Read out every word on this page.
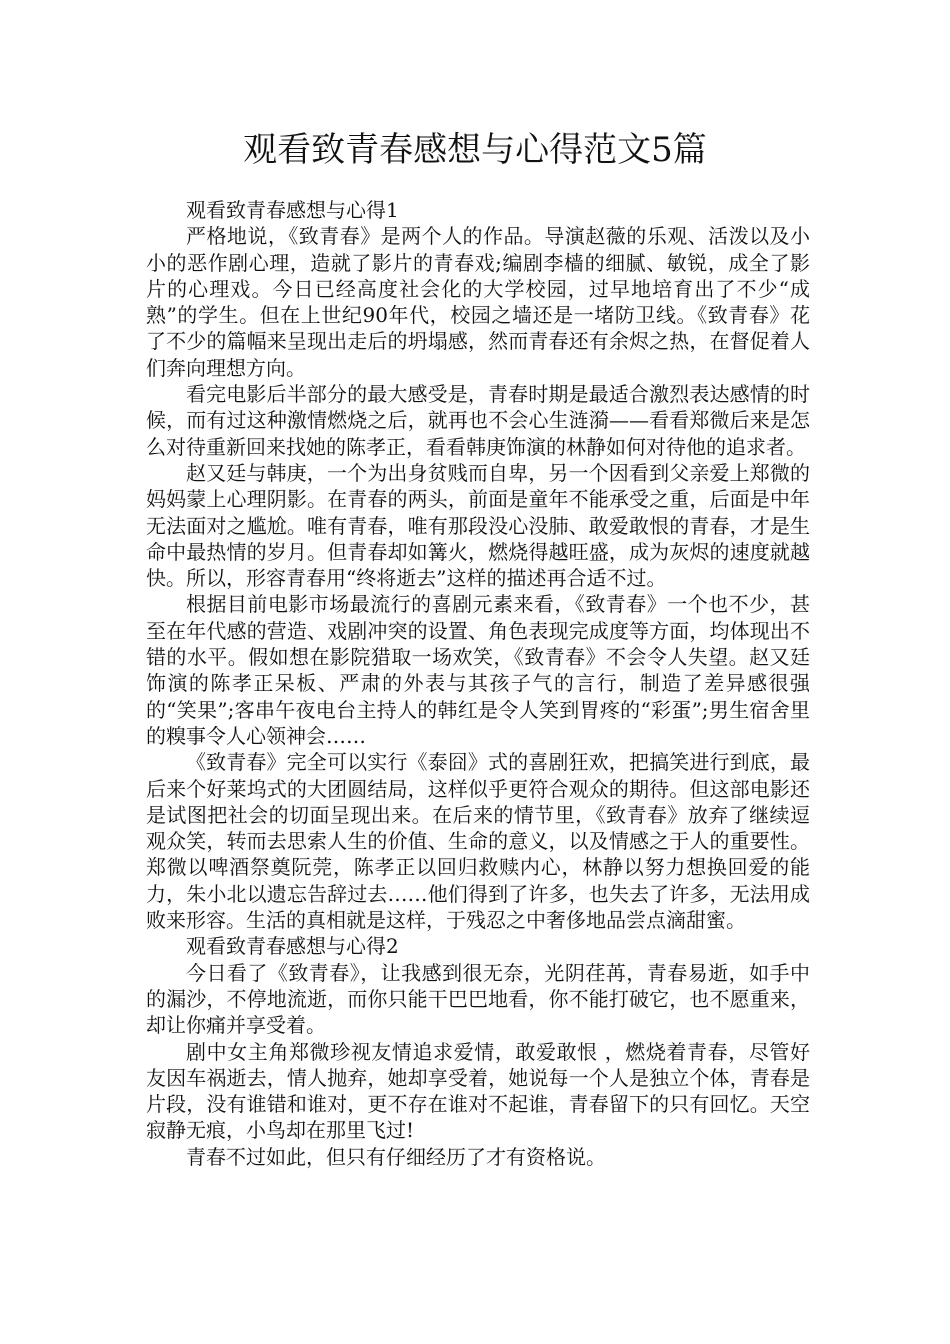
观看致青春感想与心得范文5篇

观看致青春感想与心得1

严格地说，《致青春》是两个人的作品。导演赵薇的乐观、活泼以及小小的恶作剧心理，造就了影片的青春戏;编剧李樯的细腻、敏锐，成全了影片的心理戏。今日已经高度社会化的大学校园，过早地培育出了不少“成熟”的学生。但在上世纪90年代，校园之墙还是一堵防卫线。《致青春》花了不少的篇幅来呈现出走后的坍塌感，然而青春还有余烬之热，在督促着人们奔向理想方向。

看完电影后半部分的最大感受是，青春时期是最适合激烈表达感情的时候，而有过这种激情燃烧之后，就再也不会心生涟漪——看看郑微后来是怎么对待重新回来找她的陈孝正，看看韩庚饰演的林静如何对待他的追求者。

赵又廷与韩庚，一个为出身贫贱而自卑，另一个因看到父亲爱上郑微的妈妈蒙上心理阴影。在青春的两头，前面是童年不能承受之重，后面是中年无法面对之尴尬。唯有青春，唯有那段没心没肺、敢爱敢恨的青春，才是生命中最热情的岁月。但青春却如篝火，燃烧得越旺盛，成为灰烬的速度就越快。所以，形容青春用“终将逝去”这样的描述再合适不过。

根据目前电影市场最流行的喜剧元素来看，《致青春》一个也不少，甚至在年代感的营造、戏剧冲突的设置、角色表现完成度等方面，均体现出不错的水平。假如想在影院猎取一场欢笑，《致青春》不会令人失望。赵又廷饰演的陈孝正呆板、严肃的外表与其孩子气的言行，制造了差异感很强的“笑果”;客串午夜电台主持人的韩红是令人笑到胃疼的“彩蛋”;男生宿舍里的糗事令人心领神会……

《致青春》完全可以实行《泰囧》式的喜剧狂欢，把搞笑进行到底，最后来个好莱坞式的大团圆结局，这样似乎更符合观众的期待。但这部电影还是试图把社会的切面呈现出来。在后来的情节里，《致青春》放弃了继续逗观众笑，转而去思索人生的价值、生命的意义，以及情感之于人的重要性。郑微以啤酒祭奠阮莞，陈孝正以回归救赎内心，林静以努力想换回爱的能力，朱小北以遗忘告辞过去……他们得到了许多，也失去了许多，无法用成败来形容。生活的真相就是这样，于残忍之中奢侈地品尝点滴甜蜜。

观看致青春感想与心得2

今日看了《致青春》，让我感到很无奈，光阴荏苒，青春易逝，如手中的漏沙，不停地流逝，而你只能干巴巴地看，你不能打破它，也不愿重来，却让你痛并享受着。

剧中女主角郑微珍视友情追求爱情，敢爱敢恨 ，燃烧着青春，尽管好友因车祸逝去，情人抛弃，她却享受着，她说每一个人是独立个体，青春是片段，没有谁错和谁对，更不存在谁对不起谁，青春留下的只有回忆。天空寂静无痕，小鸟却在那里飞过!

青春不过如此，但只有仔细经历了才有资格说。
